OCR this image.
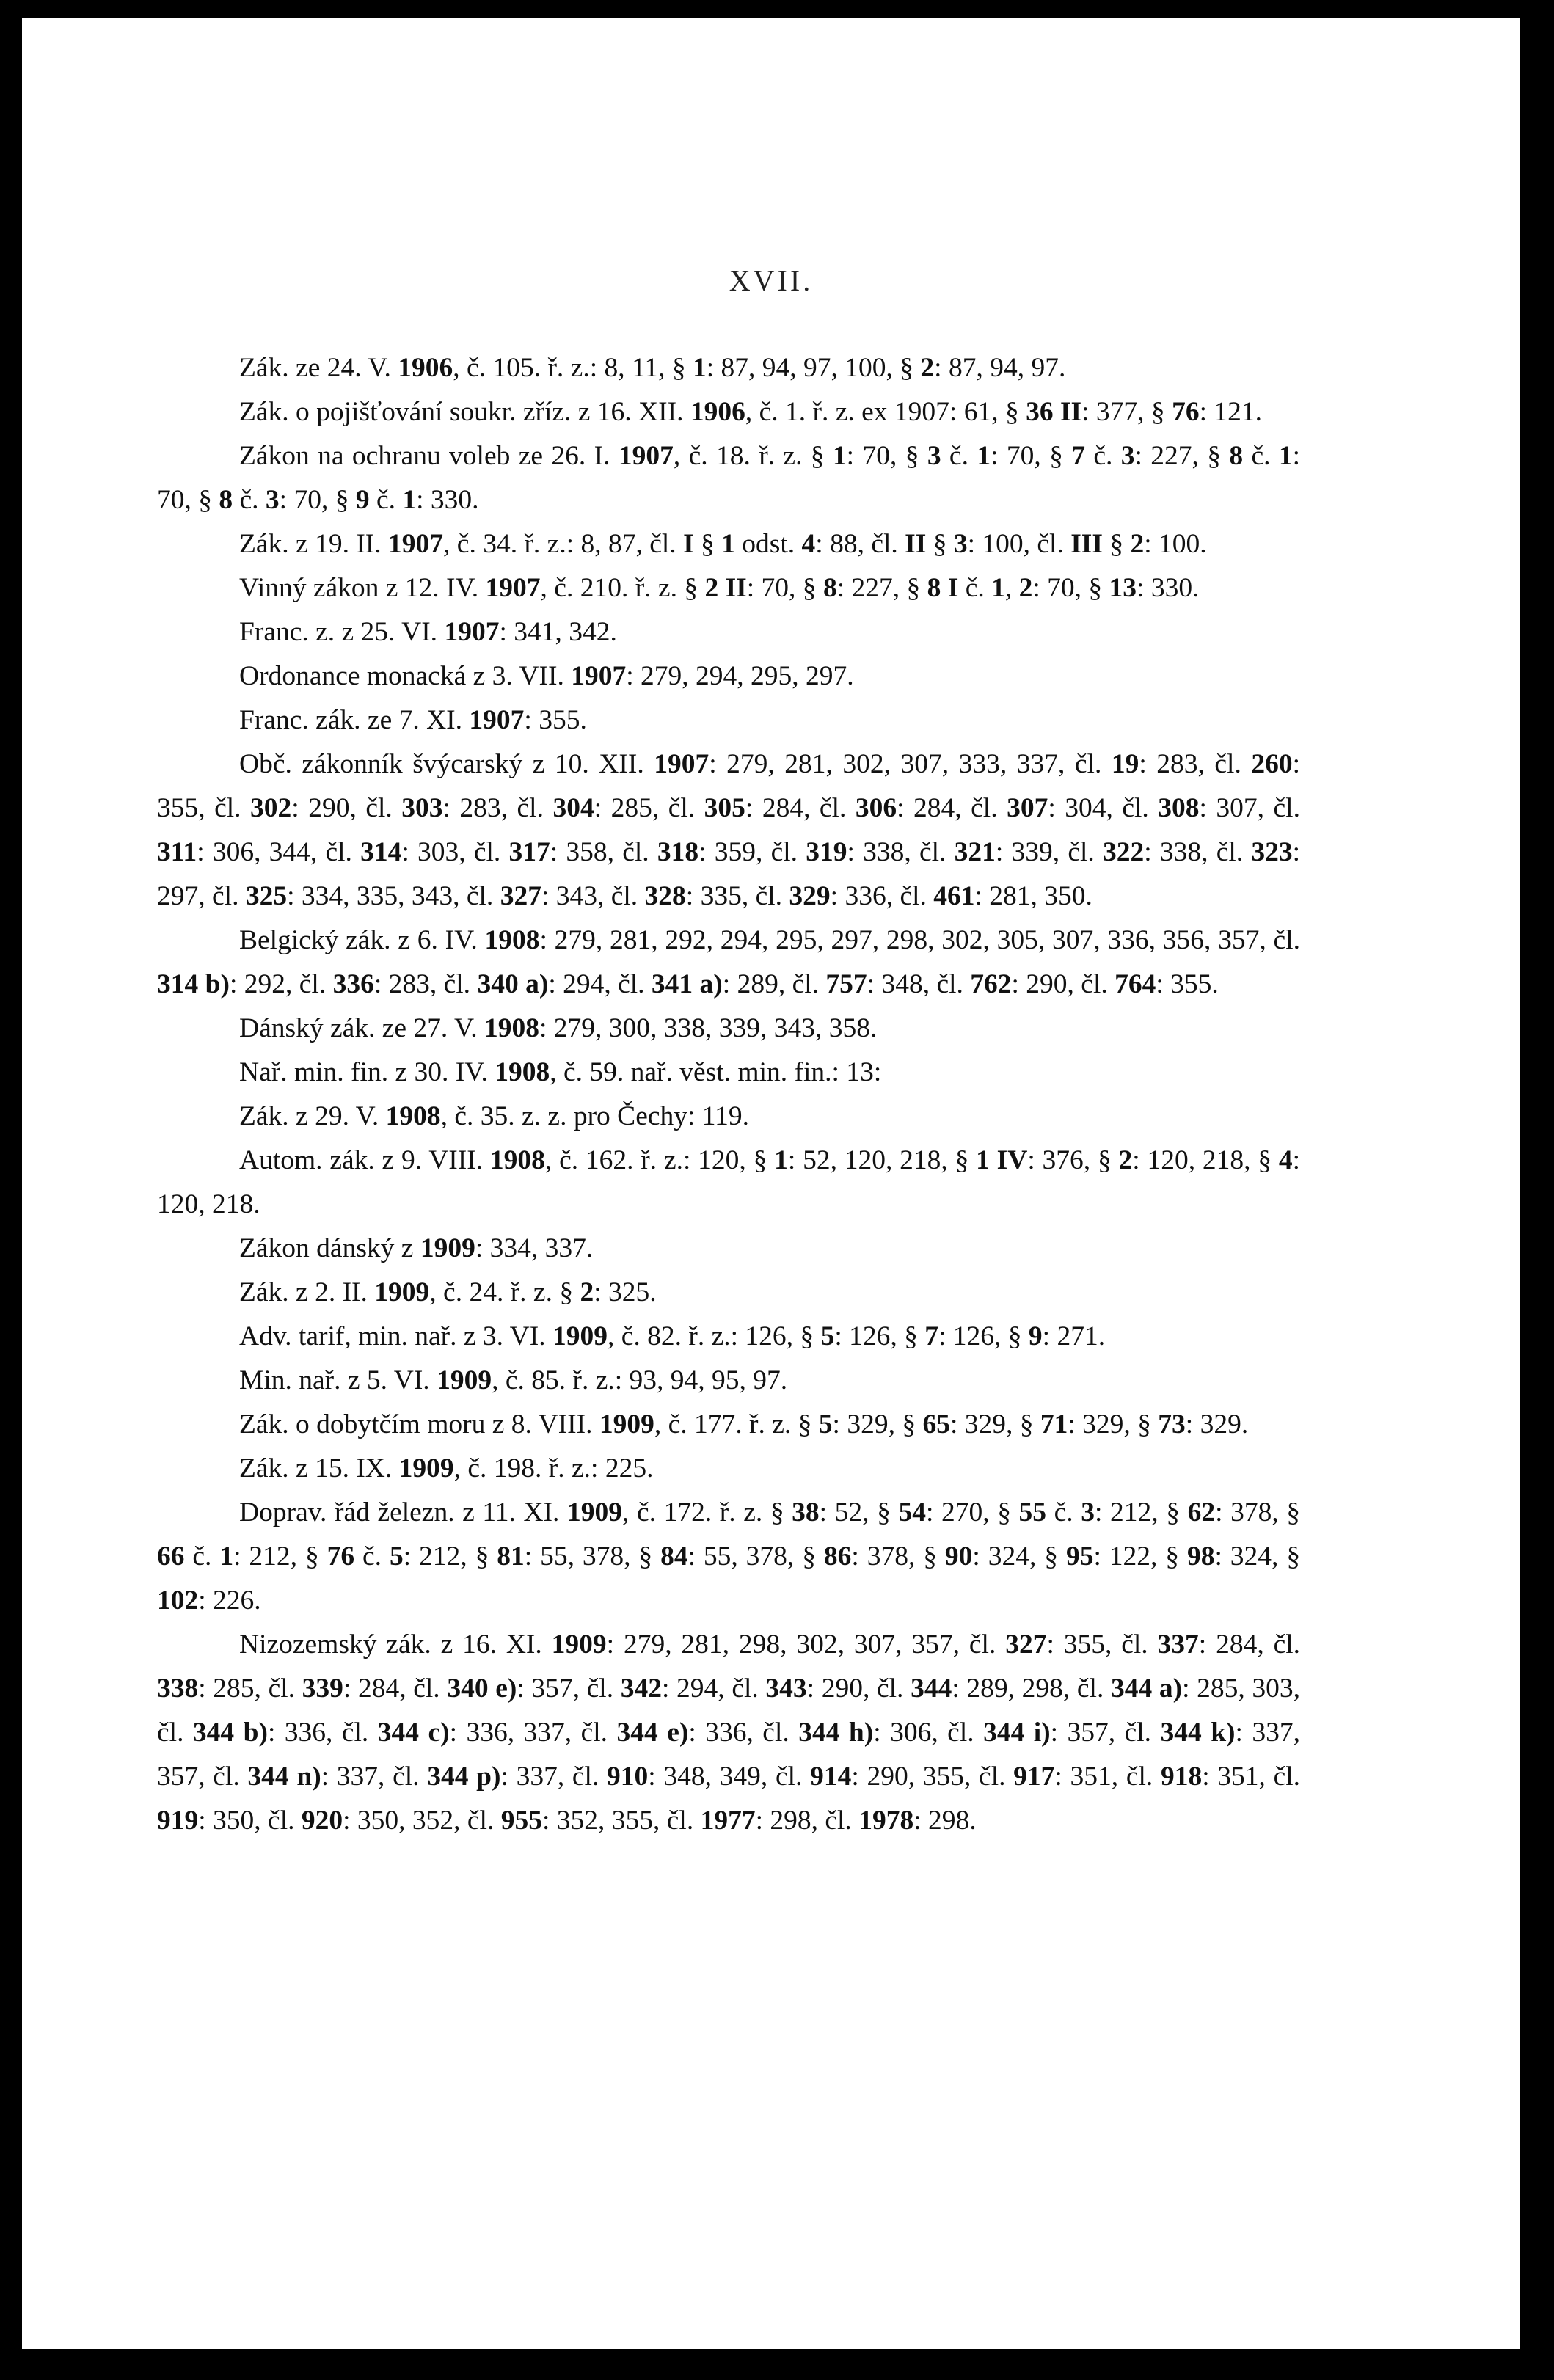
XVII.

Zák. ze 24. V. 1906, č. 105. ř. z.: 8, 11, § 1: 87, 94, 97, 100, § 2: 87, 94, 97.

Zák. o pojišťování soukr. zříz. z 16. XII. 1906, č. 1. ř. z. ex 1907: 61, § 36 II: 377, § 76: 121.

Zákon na ochranu voleb ze 26. I. 1907, č. 18. ř. z. § 1: 70, § 3 č. 1: 70, § 7 č. 3: 227, § 8 č. 1: 70, § 8 č. 3: 70, § 9 č. 1: 330.

Zák. z 19. II. 1907, č. 34. ř. z.: 8, 87, čl. I § 1 odst. 4: 88, čl. II § 3: 100, čl. III § 2: 100.

Vinný zákon z 12. IV. 1907, č. 210. ř. z. § 2 II: 70, § 8: 227, § 8 I č. 1, 2: 70, § 13: 330.

Franc. z. z 25. VI. 1907: 341, 342.

Ordonance monacká z 3. VII. 1907: 279, 294, 295, 297.

Franc. zák. ze 7. XI. 1907: 355.

Obč. zákonník švýcarský z 10. XII. 1907: 279, 281, 302, 307, 333, 337, čl. 19: 283, čl. 260: 355, čl. 302: 290, čl. 303: 283, čl. 304: 285, čl. 305: 284, čl. 306: 284, čl. 307: 304, čl. 308: 307, čl. 311: 306, 344, čl. 314: 303, čl. 317: 358, čl. 318: 359, čl. 319: 338, čl. 321: 339, čl. 322: 338, čl. 323: 297, čl. 325: 334, 335, 343, čl. 327: 343, čl. 328: 335, čl. 329: 336, čl. 461: 281, 350.

Belgický zák. z 6. IV. 1908: 279, 281, 292, 294, 295, 297, 298, 302, 305, 307, 336, 356, 357, čl. 314 b): 292, čl. 336: 283, čl. 340 a): 294, čl. 341 a): 289, čl. 757: 348, čl. 762: 290, čl. 764: 355.

Dánský zák. ze 27. V. 1908: 279, 300, 338, 339, 343, 358.

Nař. min. fin. z 30. IV. 1908, č. 59. nař. věst. min. fin.: 13:

Zák. z 29. V. 1908, č. 35. z. z. pro Čechy: 119.

Autom. zák. z 9. VIII. 1908, č. 162. ř. z.: 120, § 1: 52, 120, 218, § 1 IV: 376, § 2: 120, 218, § 4: 120, 218.

Zákon dánský z 1909: 334, 337.

Zák. z 2. II. 1909, č. 24. ř. z. § 2: 325.

Adv. tarif, min. nař. z 3. VI. 1909, č. 82. ř. z.: 126, § 5: 126, § 7: 126, § 9: 271.

Min. nař. z 5. VI. 1909, č. 85. ř. z.: 93, 94, 95, 97.

Zák. o dobytčím moru z 8. VIII. 1909, č. 177. ř. z. § 5: 329, § 65: 329, § 71: 329, § 73: 329.

Zák. z 15. IX. 1909, č. 198. ř. z.: 225.

Doprav. řád železn. z 11. XI. 1909, č. 172. ř. z. § 38: 52, § 54: 270, § 55 č. 3: 212, § 62: 378, § 66 č. 1: 212, § 76 č. 5: 212, § 81: 55, 378, § 84: 55, 378, § 86: 378, § 90: 324, § 95: 122, § 98: 324, § 102: 226.

Nizozemský zák. z 16. XI. 1909: 279, 281, 298, 302, 307, 357, čl. 327: 355, čl. 337: 284, čl. 338: 285, čl. 339: 284, čl. 340 e): 357, čl. 342: 294, čl. 343: 290, čl. 344: 289, 298, čl. 344 a): 285, 303, čl. 344 b): 336, čl. 344 c): 336, 337, čl. 344 e): 336, čl. 344 h): 306, čl. 344 i): 357, čl. 344 k): 337, 357, čl. 344 n): 337, čl. 344 p): 337, čl. 910: 348, 349, čl. 914: 290, 355, čl. 917: 351, čl. 918: 351, čl. 919: 350, čl. 920: 350, 352, čl. 955: 352, 355, čl. 1977: 298, čl. 1978: 298.
